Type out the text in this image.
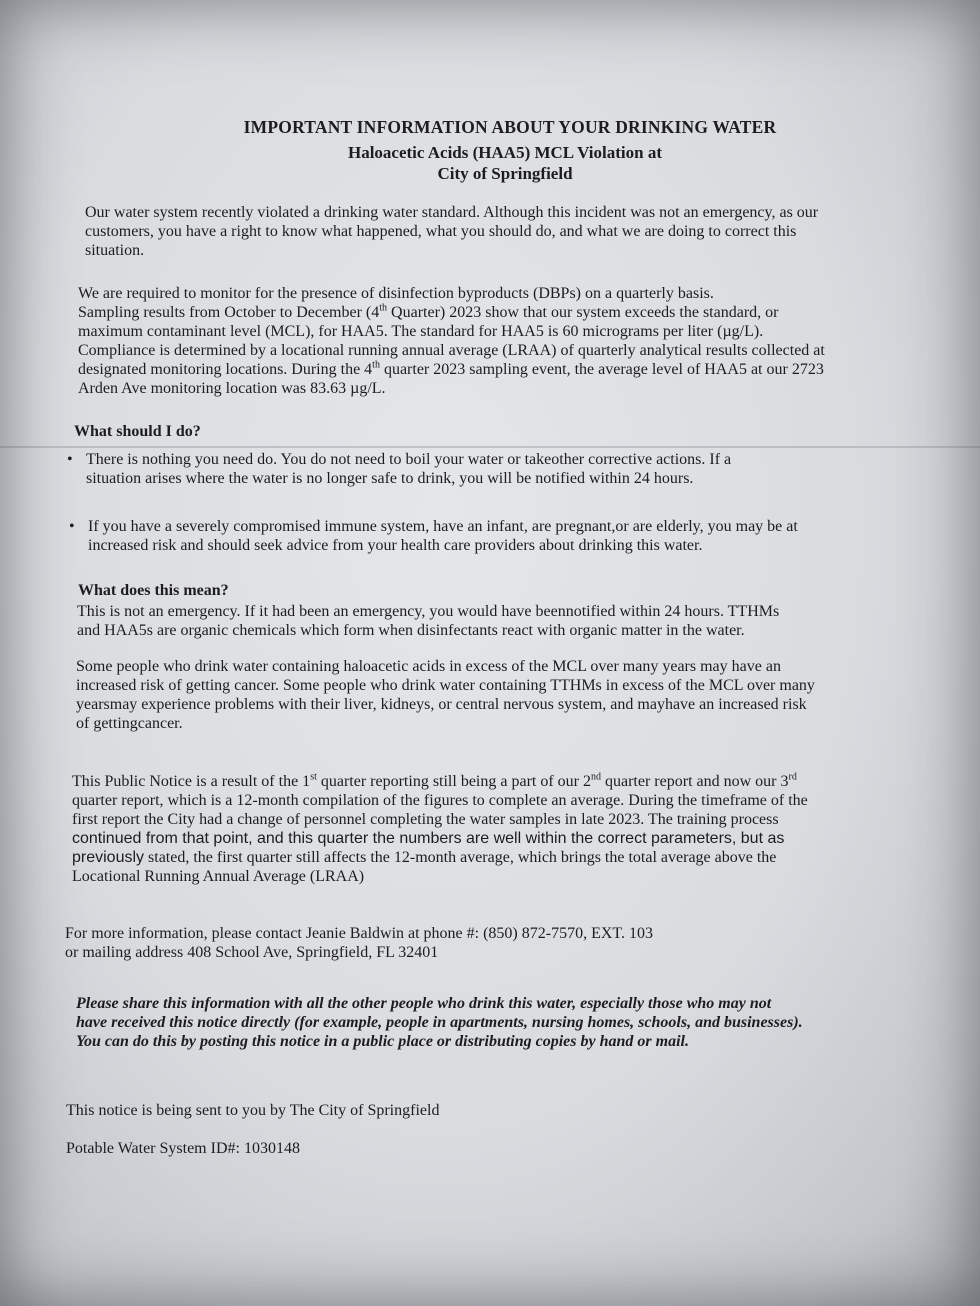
IMPORTANT INFORMATION ABOUT YOUR DRINKING WATER
Haloacetic Acids (HAA5) MCL Violation at
City of Springfield
Our water system recently violated a drinking water standard. Although this incident was not an emergency, as our
customers, you have a right to know what happened, what you should do, and what we are doing to correct this
situation.
We are required to monitor for the presence of disinfection byproducts (DBPs) on a quarterly basis.
Sampling results from October to December (4th Quarter) 2023 show that our system exceeds the standard, or
maximum contaminant level (MCL), for HAA5. The standard for HAA5 is 60 micrograms per liter (µg/L).
Compliance is determined by a locational running annual average (LRAA) of quarterly analytical results collected at
designated monitoring locations. During the 4th quarter 2023 sampling event, the average level of HAA5 at our 2723
Arden Ave monitoring location was 83.63 µg/L.
What should I do?
• There is nothing you need do. You do not need to boil your water or takeother corrective actions. If a
situation arises where the water is no longer safe to drink, you will be notified within 24 hours.
• If you have a severely compromised immune system, have an infant, are pregnant,or are elderly, you may be at
increased risk and should seek advice from your health care providers about drinking this water.
What does this mean?
This is not an emergency. If it had been an emergency, you would have beennotified within 24 hours. TTHMs
and HAA5s are organic chemicals which form when disinfectants react with organic matter in the water.
Some people who drink water containing haloacetic acids in excess of the MCL over many years may have an
increased risk of getting cancer. Some people who drink water containing TTHMs in excess of the MCL over many
yearsmay experience problems with their liver, kidneys, or central nervous system, and mayhave an increased risk
of gettingcancer.
This Public Notice is a result of the 1st quarter reporting still being a part of our 2nd quarter report and now our 3rd
quarter report, which is a 12-month compilation of the figures to complete an average. During the timeframe of the
first report the City had a change of personnel completing the water samples in late 2023. The training process
continued from that point, and this quarter the numbers are well within the correct parameters, but as
previously stated, the first quarter still affects the 12-month average, which brings the total average above the
Locational Running Annual Average (LRAA)
For more information, please contact Jeanie Baldwin at phone #: (850) 872-7570, EXT. 103
or mailing address 408 School Ave, Springfield, FL 32401
Please share this information with all the other people who drink this water, especially those who may not
have received this notice directly (for example, people in apartments, nursing homes, schools, and businesses).
You can do this by posting this notice in a public place or distributing copies by hand or mail.
This notice is being sent to you by The City of Springfield
Potable Water System ID#: 1030148
